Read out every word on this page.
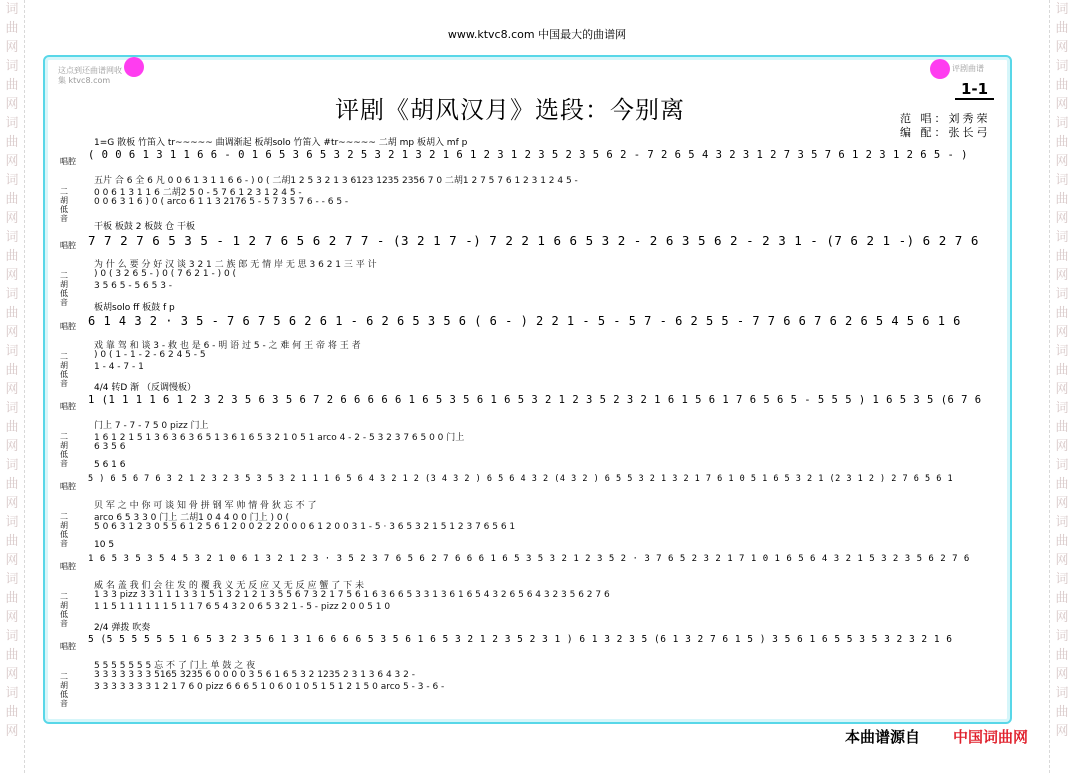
词
曲
网
词
曲
网
词
曲
网
词
曲
网
词
曲
网
词
曲
网
词
曲
网
词
曲
网
词
曲
网
词
曲
网
词
曲
网
词
曲
网
词
曲
网
词
曲
网
词
曲
网
词
曲
网
词
曲
网
词
曲
网
词
曲
网
词
曲
网
词
曲
网
词
曲
网
词
曲
网
词
曲
网
词
曲
网
词
曲
网
www.ktvc8.com 中国最大的曲谱网
这点到还曲谱网收集 ktvc8.com
评剧曲谱
评剧《胡风汉月》选段：今别离
1-1
范 唱：刘秀荣
编 配：张长弓
1=G 散板 竹笛入 tr~~~~~ 曲调渐起 板胡solo 竹笛入 #tr~~~~~ 二胡 mp 板胡入 mf p
唱腔
( 0 0 6 1 3 1 1 6 6 - 0 1 6 5 3 6 5 3 2 5 3 2 1 3 2 1 6 1 2 3 1 2 3 5 2 3 5 6 2 - 7 2 6 5 4 3 2 3 1 2 7 3 5 7 6 1 2 3 1 2 6 5 - )
二胡
低音
五片 合 6 全 6 凡 0 0 6 1 3 1 1 6 6 - ) 0 ( 二胡1 2 5 3 2 1 3 6123 1235 2356 7 0 二胡1 2 7 5 7 6 1 2 3 1 2 4 5 -
0 0 6 1 3 1 1 6 二胡2 5 0 - 5 7 6 1 2 3 1 2 4 5 -
0 0 6 3 1 6 ) 0 ( arco 6 1 1 3 2176 5 - 5 7 3 5 7 6 - - 6 5 -
干板 板鼓 2 板鼓 仓 干板
唱腔 7 7 2 7 6 5 3 5 - 1 2 7 6 5 6 2 7 7 - (3 2 1 7 -) 7 2 2 1 6 6 5 3 2 - 2 6 3 5 6 2 - 2 3 1 - (7 6 2 1 -) 6 2 7 6
二胡
低音
为 什 么 要 分 好 汉 谈 3 2 1 二 族 郎 无 情 岸 无 思 3 6 2 1 三 平 计
) 0 ( 3 2 6 5 - ) 0 ( 7 6 2 1 - ) 0 (
3 5 6 5 - 5 6 5 3 -
板胡solo ff 板鼓 f p
唱腔 6 1 4 3 2 · 3 5 - 7 6 7 5 6 2 6 1 - 6 2 6 5 3 5 6 ( 6 - ) 2 2 1 - 5 - 5 7 - 6 2 5 5 - 7 7 6 6 7 6 2 6 5 4 5 6 1 6
二胡
低音
戏 靠 驾 和 谈 3 - 救 也 是 6 - 明 语 过 5 - 之 难 何 王 帝 将 王 者
) 0 ( 1 - 1 - 2 - 6 2 4 5 - 5
1 - 4 - 7 - 1
4/4 转D 渐 （反调慢板）
唱腔
1 (1 1 1 1 6 1 2 3 2 3 5 6 3 5 6 7 2 6 6 6 6 6 1 6 5 3 5 6 1 6 5 3 2 1 2 3 5 2 3 2 1 6 1 5 6 1 7 6 5 6 5 - 5 5 5 ) 1 6 5 3 5 (6 7 6
二胡
低音
门上 7 - 7 - 7 5 0 pizz 门上
1 6 1 2 1 5 1 3 6 3 6 3 6 5 1 3 6 1 6 5 3 2 1 0 5 1 arco 4 - 2 - 5 3 2 3 7 6 5 0 0 门上
6 3 5 6
5 6 1 6
唱腔
5 ) 6 5 6 7 6 3 2 1 2 3 2 3 5 3 5 3 2 1 1 1 6 5 6 4 3 2 1 2 (3 4 3 2 ) 6 5 6 4 3 2 (4 3 2 ) 6 5 5 3 2 1 3 2 1 7 6 1 0 5 1 6 5 3 2 1 (2 3 1 2 ) 2 7 6 5 6 1
二胡
低音
贝 军 之 中 你 可 谈 知 骨 拼 钢 军 帅 情 骨 狄 忘 不 了
arco 6 5 3 3 0 门上 二胡1 0 4 4 0 0 门上 ) 0 (
5 0 6 3 1 2 3 0 5 5 6 1 2 5 6 1 2 0 0 2 2 2 0 0 0 6 1 2 0 0 3 1 - 5 · 3 6 5 3 2 1 5 1 2 3 7 6 5 6 1
10 5
唱腔
1 6 5 3 5 3 5 4 5 3 2 1 0 6 1 3 2 1 2 3 · 3 5 2 3 7 6 5 6 2 7 6 6 6 1 6 5 3 5 3 2 1 2 3 5 2 · 3 7 6 5 2 3 2 1 7 1 0 1 6 5 6 4 3 2 1 5 3 2 3 5 6 2 7 6
二胡
低音
威 名 盖 我 们 会 往 发 的 覆 我 义 无 反 应 又 无 反 应 蟹 了 下 未
1 3 3 pizz 3 3 1 1 1 3 3 1 5 1 3 2 1 2 1 3 5 5 6 7 3 2 1 7 5 6 1 6 3 6 6 5 3 3 1 3 6 1 6 5 4 3 2 6 5 6 4 3 2 3 5 6 2 7 6
1 1 5 1 1 1 1 1 1 5 1 1 7 6 5 4 3 2 0 6 5 3 2 1 - 5 - pizz 2 0 0 5 1 0
2/4 弹拨 吹奏
唱腔
5 (5 5 5 5 5 5 1 6 5 3 2 3 5 6 1 3 1 6 6 6 6 5 3 5 6 1 6 5 3 2 1 2 3 5 2 3 1 ) 6 1 3 2 3 5 (6 1 3 2 7 6 1 5 ) 3 5 6 1 6 5 5 3 5 3 2 3 2 1 6
二胡
低音
5 5 5 5 5 5 5 忘 不 了 门上 单 鼓 之 夜
3 3 3 3 3 3 3 5165 3235 6 0 0 0 0 3 5 6 1 6 5 3 2 1235 2 3 1 3 6 4 3 2 -
3 3 3 3 3 3 3 1 2 1 7 6 0 pizz 6 6 6 5 1 0 6 0 1 0 5 1 5 1 2 1 5 0 arco 5 - 3 - 6 -
本曲谱源自 中国词曲网
